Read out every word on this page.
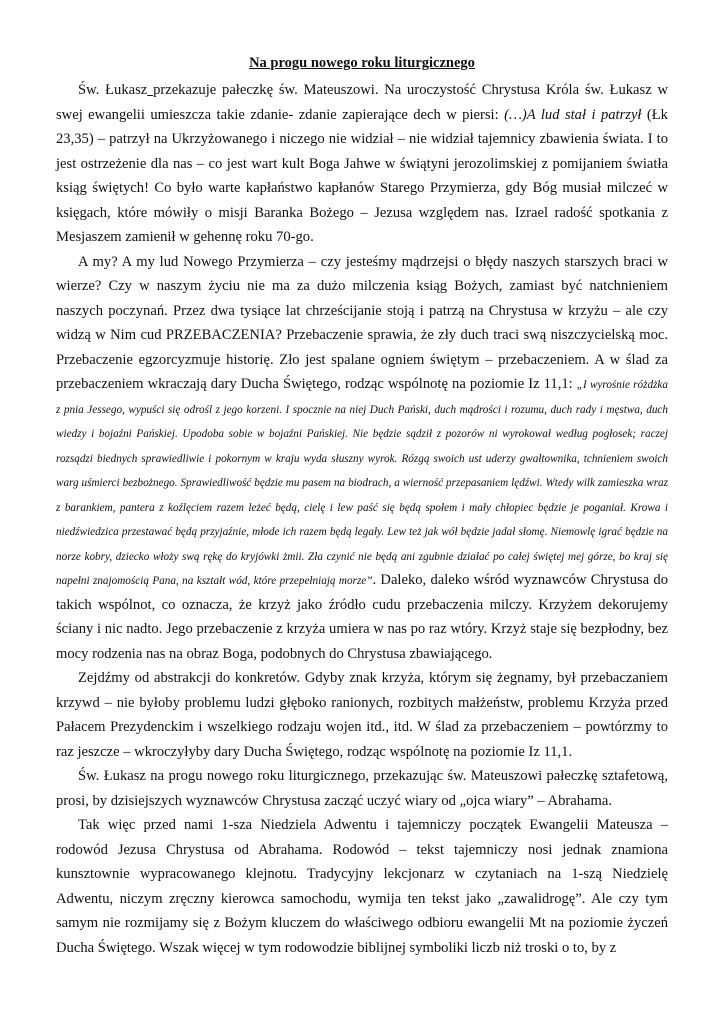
Na progu nowego roku liturgicznego

Św. Łukasz przekazuje pałeczkę św. Mateuszowi. Na uroczystość Chrystusa Króla św. Łukasz w swej ewangelii umieszcza takie zdanie- zdanie zapierające dech w piersi: (…)A lud stał i patrzył (Łk 23,35) – patrzył na Ukrzyżowanego i niczego nie widział – nie widział tajemnicy zbawienia świata. I to jest ostrzeżenie dla nas – co jest wart kult Boga Jahwe w świątyni jerozolimskiej z pomijaniem światła ksiąg świętych! Co było warte kapłaństwo kapłanów Starego Przymierza, gdy Bóg musiał milczeć w księgach, które mówiły o misji Baranka Bożego – Jezusa względem nas. Izrael radość spotkania z Mesjaszem zamienił w gehennę roku 70-go.

A my? A my lud Nowego Przymierza – czy jesteśmy mądrzejsi o błędy naszych starszych braci w wierze? Czy w naszym życiu nie ma za dużo milczenia ksiąg Bożych, zamiast być natchnieniem naszych poczynań. Przez dwa tysiące lat chrześcijanie stoją i patrzą na Chrystusa w krzyżu – ale czy widzą w Nim cud PRZEBACZENIA? Przebaczenie sprawia, że zły duch traci swą niszczycielską moc. Przebaczenie egzorcyzmuje historię. Zło jest spalane ogniem świętym – przebaczeniem. A w ślad za przebaczeniem wkraczają dary Ducha Świętego, rodząc wspólnotę na poziomie Iz 11,1: „I wyrośnie różdżka z pnia Jessego, wypuści się odrośl z jego korzeni. I spocznie na niej Duch Pański, duch mądrości i rozumu, duch rady i męstwa, duch wiedzy i bojaźni Pańskiej. Upodoba sobie w bojaźni Pańskiej. Nie będzie sądził z pozorów ni wyrokował według pogłosek; raczej rozsądzi biednych sprawiedliwie i pokornym w kraju wyda słuszny wyrok. Rózgą swoich ust uderzy gwałtownika, tchnieniem swoich warg uśmierci bezbożnego. Sprawiedliwość będzie mu pasem na biodrach, a wierność przepasaniem lędźwi. Wtedy wilk zamieszka wraz z barankiem, pantera z koźlęciem razem leżeć będą, cielę i lew paść się będą społem i mały chłopiec będzie je poganiał. Krowa i niedźwiedzica przestawać będą przyjaźnie, młode ich razem będą legały. Lew też jak wół będzie jadał słomę. Niemowlę igrać będzie na norze kobry, dziecko włoży swą rękę do kryjówki żmii. Zła czynić nie będą ani zgubnie działać po całej świętej mej górze, bo kraj się napełni znajomością Pana, na kształt wód, które przepełniają morze”. Daleko, daleko wśród wyznawców Chrystusa do takich wspólnot, co oznacza, że krzyż jako źródło cudu przebaczenia milczy. Krzyżem dekorujemy ściany i nic nadto. Jego przebaczenie z krzyża umiera w nas po raz wtóry. Krzyż staje się bezpłodny, bez mocy rodzenia nas na obraz Boga, podobnych do Chrystusa zbawiającego.

Zejdźmy od abstrakcji do konkretów. Gdyby znak krzyża, którym się żegnamy, był przebaczaniem krzywd – nie byłoby problemu ludzi głęboko ranionych, rozbitych małżeństw, problemu Krzyża przed Pałacem Prezydenckim i wszelkiego rodzaju wojen itd., itd. W ślad za przebaczeniem – powtórzmy to raz jeszcze – wkroczyłyby dary Ducha Świętego, rodząc wspólnotę na poziomie Iz 11,1.

Św. Łukasz na progu nowego roku liturgicznego, przekazując św. Mateuszowi pałeczkę sztafetową, prosi, by dzisiejszych wyznawców Chrystusa zacząć uczyć wiary od „ojca wiary” – Abrahama.

Tak więc przed nami 1-sza Niedziela Adwentu i tajemniczy początek Ewangelii Mateusza – rodowód Jezusa Chrystusa od Abrahama. Rodowód – tekst tajemniczy nosi jednak znamiona kunsztownie wypracowanego klejnotu. Tradycyjny lekcjonarz w czytaniach na 1-szą Niedzielę Adwentu, niczym zręczny kierowca samochodu, wymija ten tekst jako „zawalidrogę”. Ale czy tym samym nie rozmijamy się z Bożym kluczem do właściwego odbioru ewangelii Mt na poziomie życzeń Ducha Świętego. Wszak więcej w tym rodowodzie biblijnej symboliki liczb niż troski o to, by z
